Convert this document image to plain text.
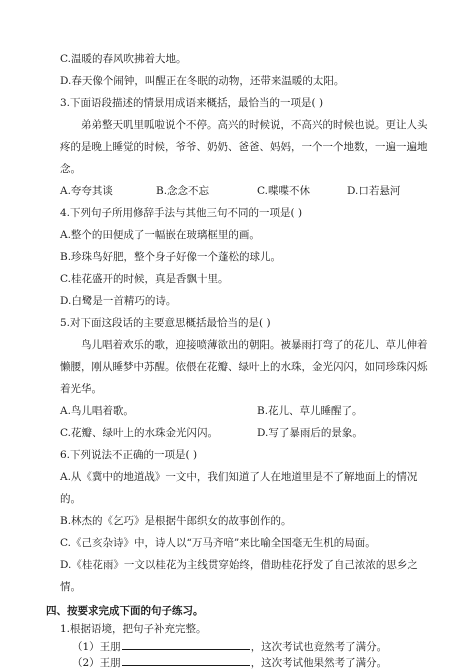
C.温暖的春风吹拂着大地。
D.春天像个闹钟，叫醒正在冬眠的动物，还带来温暖的太阳。
3.下面语段描述的情景用成语来概括，最恰当的一项是( )
弟弟整天叽里呱啦说个不停。高兴的时候说，不高兴的时候也说。更让人头
疼的是晚上睡觉的时候，爷爷、奶奶、爸爸、妈妈，一个一个地数，一遍一遍地
念。
A.夸夸其谈	B.念念不忘	C.喋喋不休	D.口若悬河
4.下列句子所用修辞手法与其他三句不同的一项是( )
A.整个的田便成了一幅嵌在玻璃框里的画。
B.珍珠鸟好肥，整个身子好像一个蓬松的球儿。
C.桂花盛开的时候，真是香飘十里。
D.白鹭是一首精巧的诗。
5.对下面这段话的主要意思概括最恰当的是( )
鸟儿唱着欢乐的歌，迎接喷薄欲出的朝阳。被暴雨打弯了的花儿、草儿伸着
懒腰，刚从睡梦中苏醒。依偎在花瓣、绿叶上的水珠，金光闪闪，如同珍珠闪烁
着光华。
A.鸟儿唱着歌。	B.花儿、草儿睡醒了。
C.花瓣、绿叶上的水珠金光闪闪。	D.写了暴雨后的景象。
6.下列说法不正确的一项是( )
A.从《冀中的地道战》一文中，我们知道了人在地道里是不了解地面上的情况
的。
B.林杰的《乞巧》是根据牛郎织女的故事创作的。
C.《己亥杂诗》中，诗人以“万马齐喑”来比喻全国毫无生机的局面。
D.《桂花雨》一文以桂花为主线贯穿始终，借助桂花抒发了自己浓浓的思乡之
情。
四、按要求完成下面的句子练习。
1.根据语境，把句子补充完整。
（1）王朋	，这次考试也竟然考了满分。
（2）王朋	，这次考试他果然考了满分。
